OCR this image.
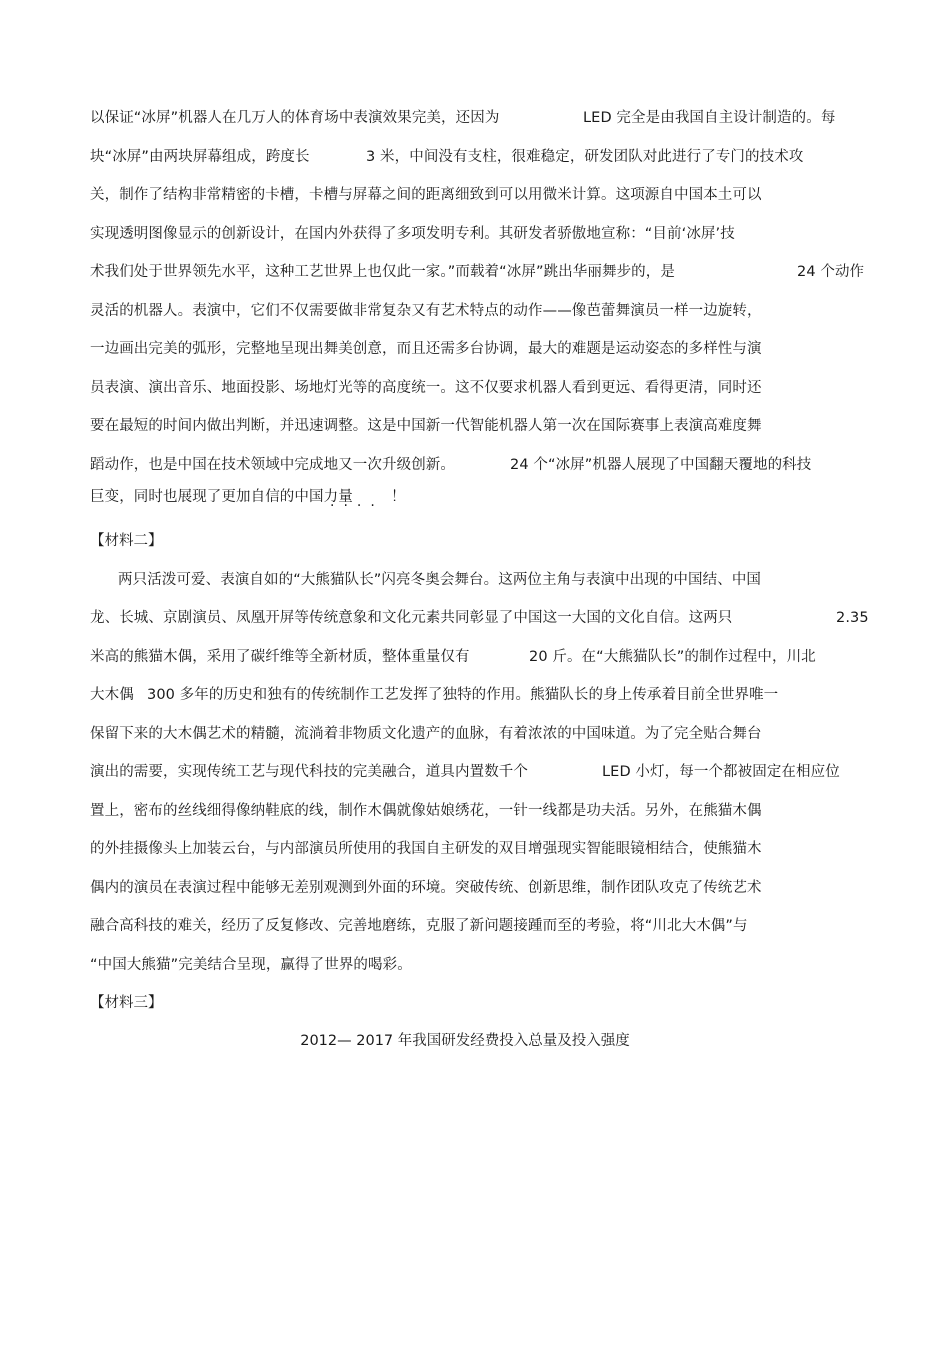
以保证“冰屏”机器人在几万人的体育场中表演效果完美，还因为	LED 完全是由我国自主设计制造的。每
块“冰屏”由两块屏幕组成，跨度长	3 米，中间没有支柱，很难稳定，研发团队对此进行了专门的技术攻
关，制作了结构非常精密的卡槽，卡槽与屏幕之间的距离细致到可以用微米计算。这项源自中国本土可以
实现透明图像显示的创新设计，在国内外获得了多项发明专利。其研发者骄傲地宣称：“目前‘冰屏’技
术我们处于世界领先水平，这种工艺世界上也仅此一家。”而载着“冰屏”跳出华丽舞步的，是	24 个动作
灵活的机器人。表演中，它们不仅需要做非常复杂又有艺术特点的动作——像芭蕾舞演员一样一边旋转，
一边画出完美的弧形，完整地呈现出舞美创意，而且还需多台协调，最大的难题是运动姿态的多样性与演
员表演、演出音乐、地面投影、场地灯光等的高度统一。这不仅要求机器人看到更远、看得更清，同时还
要在最短的时间内做出判断，并迅速调整。这是中国新一代智能机器人第一次在国际赛事上表演高难度舞
蹈动作，也是中国在技术领域中完成地又一次升级创新。	24 个“冰屏”机器人展现了中国翻天覆地的科技
巨变，同时也展现了更加自信的中国力量	！
····
【材料二】
两只活泼可爱、表演自如的“大熊猫队长”闪亮冬奥会舞台。这两位主角与表演中出现的中国结、中国
龙、长城、京剧演员、凤凰开屏等传统意象和文化元素共同彰显了中国这一大国的文化自信。这两只	2.35
米高的熊猫木偶，采用了碳纤维等全新材质，整体重量仅有	20 斤。在“大熊猫队长”的制作过程中，川北
大木偶 300 多年的历史和独有的传统制作工艺发挥了独特的作用。熊猫队长的身上传承着目前全世界唯一
保留下来的大木偶艺术的精髓，流淌着非物质文化遗产的血脉，有着浓浓的中国味道。为了完全贴合舞台
演出的需要，实现传统工艺与现代科技的完美融合，道具内置数千个	LED 小灯，每一个都被固定在相应位
置上，密布的丝线细得像纳鞋底的线，制作木偶就像姑娘绣花，一针一线都是功夫活。另外，在熊猫木偶
的外挂摄像头上加装云台，与内部演员所使用的我国自主研发的双目增强现实智能眼镜相结合，使熊猫木
偶内的演员在表演过程中能够无差别观测到外面的环境。突破传统、创新思维，制作团队攻克了传统艺术
融合高科技的难关，经历了反复修改、完善地磨练，克服了新问题接踵而至的考验，将“川北大木偶”与
“中国大熊猫”完美结合呈现，赢得了世界的喝彩。
【材料三】
2012— 2017 年我国研发经费投入总量及投入强度
